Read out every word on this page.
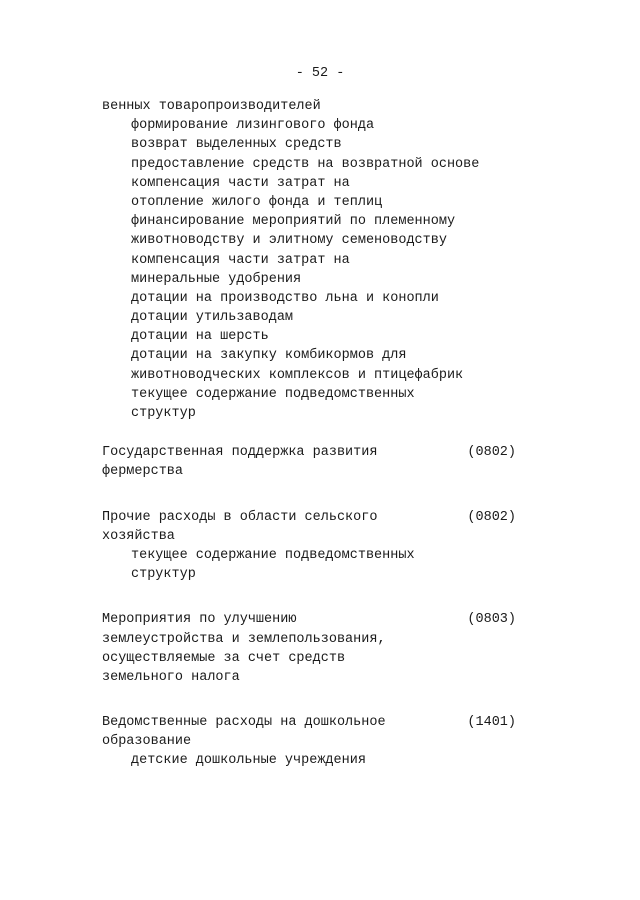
- 52 -
венных товаропроизводителей
формирование лизингового фонда
возврат выделенных средств
предоставление средств на возвратной основе
компенсация части затрат на
отопление жилого фонда и теплиц
финансирование мероприятий по племенному
животноводству и элитному семеноводству
компенсация части затрат на
минеральные удобрения
дотации на производство льна и конопли
дотации утильзаводам
дотации на шерсть
дотации на закупку комбикормов для
животноводческих комплексов и птицефабрик
текущее содержание подведомственных
структур
(0802)
Государственная поддержка развития
фермерства
(0802)
Прочие расходы в области сельского
хозяйства
текущее содержание подведомственных
структур
(0803)
Мероприятия по улучшению
землеустройства и землепользования,
осуществляемые за счет средств
земельного налога
(1401)
Ведомственные расходы на дошкольное
образование
детские дошкольные учреждения
